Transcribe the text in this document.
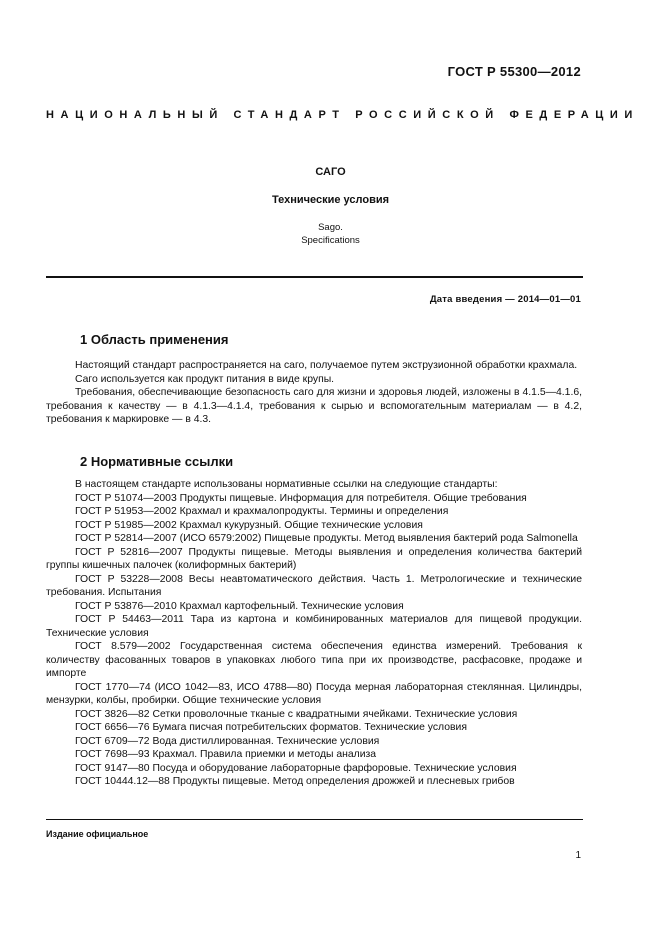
ГОСТ Р 55300—2012
НАЦИОНАЛЬНЫЙ СТАНДАРТ РОССИЙСКОЙ ФЕДЕРАЦИИ
САГО
Технические условия
Sago.
Specifications
Дата введения — 2014—01—01
1 Область применения

Настоящий стандарт распространяется на саго, получаемое путем экструзионной обработки крахмала.

Саго используется как продукт питания в виде крупы.

Требования, обеспечивающие безопасность саго для жизни и здоровья людей, изложены в 4.1.5—4.1.6, требования к качеству — в 4.1.3—4.1.4, требования к сырью и вспомогательным материалам — в 4.2, требования к маркировке — в 4.3.

2 Нормативные ссылки

В настоящем стандарте использованы нормативные ссылки на следующие стандарты:

ГОСТ Р 51074—2003 Продукты пищевые. Информация для потребителя. Общие требования

ГОСТ Р 51953—2002 Крахмал и крахмалопродукты. Термины и определения

ГОСТ Р 51985—2002 Крахмал кукурузный. Общие технические условия

ГОСТ Р 52814—2007 (ИСО 6579:2002) Пищевые продукты. Метод выявления бактерий рода Salmonella

ГОСТ Р 52816—2007 Продукты пищевые. Методы выявления и определения количества бактерий группы кишечных палочек (колиформных бактерий)

ГОСТ Р 53228—2008 Весы неавтоматического действия. Часть 1. Метрологические и технические требования. Испытания

ГОСТ Р 53876—2010 Крахмал картофельный. Технические условия

ГОСТ Р 54463—2011 Тара из картона и комбинированных материалов для пищевой продукции. Технические условия

ГОСТ 8.579—2002 Государственная система обеспечения единства измерений. Требования к количеству фасованных товаров в упаковках любого типа при их производстве, расфасовке, продаже и импорте

ГОСТ 1770—74 (ИСО 1042—83, ИСО 4788—80) Посуда мерная лабораторная стеклянная. Цилиндры, мензурки, колбы, пробирки. Общие технические условия

ГОСТ 3826—82 Сетки проволочные тканые с квадратными ячейками. Технические условия

ГОСТ 6656—76 Бумага писчая потребительских форматов. Технические условия

ГОСТ 6709—72 Вода дистиллированная. Технические условия

ГОСТ 7698—93 Крахмал. Правила приемки и методы анализа

ГОСТ 9147—80 Посуда и оборудование лабораторные фарфоровые. Технические условия

ГОСТ 10444.12—88 Продукты пищевые. Метод определения дрожжей и плесневых грибов

Издание официальное
1
